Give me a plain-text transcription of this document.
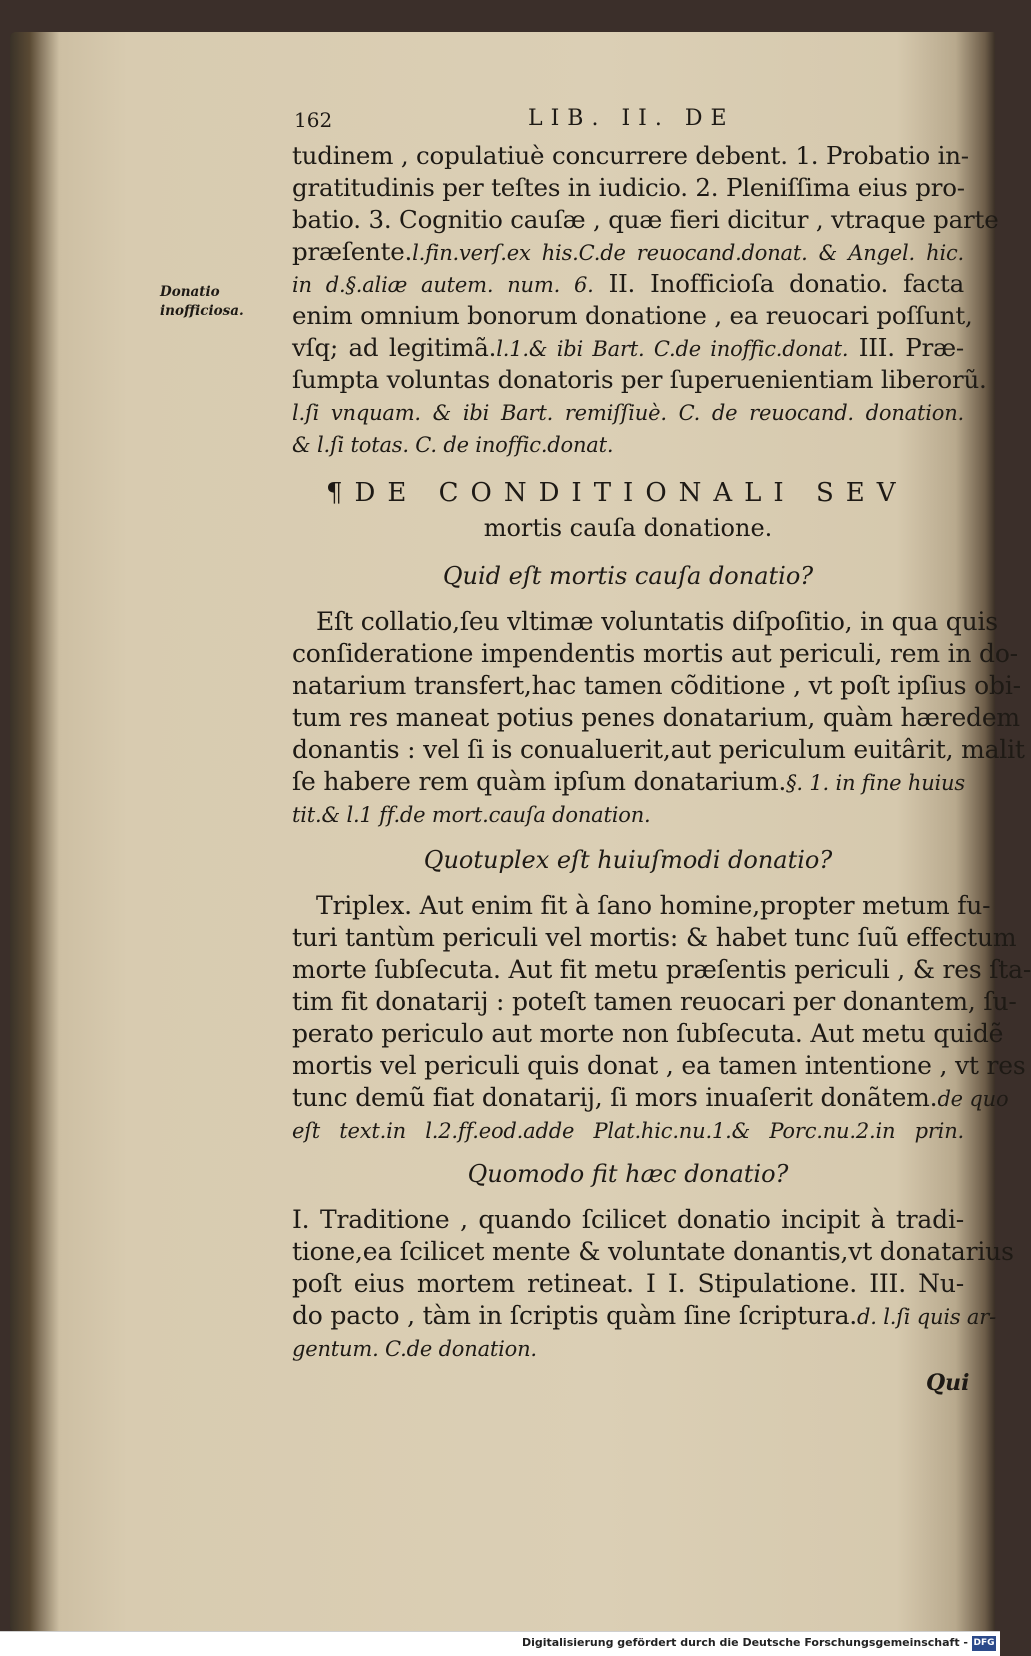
162	LIB. II. DE
Donatio inofficiosa.
tudinem , copulatiuè concurrere debent. 1. Probatio in-
gratitudinis per teſtes in iudicio. 2. Pleniſſima eius pro-
batio. 3. Cognitio cauſæ , quæ fieri dicitur , vtraque parte
præſente.l.fin.verſ.ex his.C.de reuocand.donat. & Angel. hic.
in d.§.aliæ autem. num. 6. II. Inofficioſa donatio. facta
enim omnium bonorum donatione , ea reuocari poſſunt,
vſq; ad legitimã.l.1.& ibi Bart. C.de inoffic.donat. III. Præ-
ſumpta voluntas donatoris per ſuperuenientiam liberorũ.
l.ſi vnquam. & ibi Bart. remiſſiuè. C. de reuocand. donation.
& l.ſi totas. C. de inoffic.donat.
¶DE CONDITIONALI SEV
mortis cauſa donatione.
Quid eſt mortis cauſa donatio?
Eſt collatio,ſeu vltimæ voluntatis diſpoſitio, in qua quis
conſideratione impendentis mortis aut periculi, rem in do-
natarium transfert,hac tamen cõditione , vt poſt ipſius obi-
tum res maneat potius penes donatarium, quàm hæredem
donantis : vel ſi is conualuerit,aut periculum euitârit, malit
ſe habere rem quàm ipſum donatarium.§. 1. in fine huius
tit.& l.1 ff.de mort.cauſa donation.
Quotuplex eſt huiuſmodi donatio?
Triplex. Aut enim fit à ſano homine,propter metum fu-
turi tantùm periculi vel mortis: & habet tunc ſuũ effectum
morte ſubſecuta. Aut fit metu præſentis periculi , & res ſta-
tim fit donatarij : poteſt tamen reuocari per donantem, ſu-
perato periculo aut morte non ſubſecuta. Aut metu quidẽ
mortis vel periculi quis donat , ea tamen intentione , vt res
tunc demũ fiat donatarij, ſi mors inuaſerit donãtem.de quo
eſt text.in l.2.ff.eod.adde Plat.hic.nu.1.& Porc.nu.2.in prin.
Quomodo fit hæc donatio?
I. Traditione , quando ſcilicet donatio incipit à tradi-
tione,ea ſcilicet mente & voluntate donantis,vt donatarius
poſt eius mortem retineat. I I. Stipulatione. III. Nu-
do pacto , tàm in ſcriptis quàm ſine ſcriptura.d. l.ſi quis ar-
gentum. C.de donation.
Qui
Digitalisierung gefördert durch die Deutsche Forschungsgemeinschaft - DFG
